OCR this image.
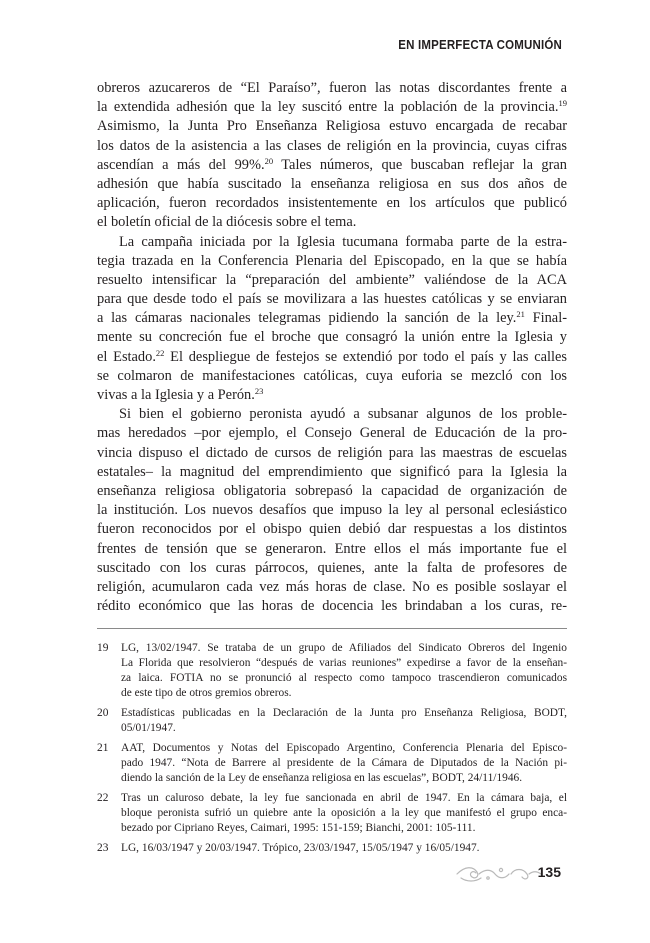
EN IMPERFECTA COMUNIÓN
obreros azucareros de “El Paraíso”, fueron las notas discordantes frente a
la extendida adhesión que la ley suscitó entre la población de la provincia.$^{19}$
Asimismo, la Junta Pro Enseñanza Religiosa estuvo encargada de recabar
los datos de la asistencia a las clases de religión en la provincia, cuyas cifras
ascendían a más del 99%.$^{20}$ Tales números, que buscaban reflejar la gran
adhesión que había suscitado la enseñanza religiosa en sus dos años de
aplicación, fueron recordados insistentemente en los artículos que publicó
el boletín oficial de la diócesis sobre el tema.
La campaña iniciada por la Iglesia tucumana formaba parte de la estra-
tegia trazada en la Conferencia Plenaria del Episcopado, en la que se había
resuelto intensificar la “preparación del ambiente” valiéndose de la ACA
para que desde todo el país se movilizara a las huestes católicas y se enviaran
a las cámaras nacionales telegramas pidiendo la sanción de la ley.$^{21}$ Final-
mente su concreción fue el broche que consagró la unión entre la Iglesia y
el Estado.$^{22}$ El despliegue de festejos se extendió por todo el país y las calles
se colmaron de manifestaciones católicas, cuya euforia se mezcló con los
vivas a la Iglesia y a Perón.$^{23}$
Si bien el gobierno peronista ayudó a subsanar algunos de los proble-
mas heredados –por ejemplo, el Consejo General de Educación de la pro-
vincia dispuso el dictado de cursos de religión para las maestras de escuelas
estatales– la magnitud del emprendimiento que significó para la Iglesia la
enseñanza religiosa obligatoria sobrepasó la capacidad de organización de
la institución. Los nuevos desafíos que impuso la ley al personal eclesiástico
fueron reconocidos por el obispo quien debió dar respuestas a los distintos
frentes de tensión que se generaron. Entre ellos el más importante fue el
suscitado con los curas párrocos, quienes, ante la falta de profesores de
religión, acumularon cada vez más horas de clase. No es posible soslayar el
rédito económico que las horas de docencia les brindaban a los curas, re-
19	LG, 13/02/1947. Se trataba de un grupo de Afiliados del Sindicato Obreros del Ingenio
La Florida que resolvieron “después de varias reuniones” expedirse a favor de la enseñan-
za laica. FOTIA no se pronunció al respecto como tampoco trascendieron comunicados
de este tipo de otros gremios obreros.
20	Estadísticas publicadas en la Declaración de la Junta pro Enseñanza Religiosa, BODT,
05/01/1947.
21	AAT, Documentos y Notas del Episcopado Argentino, Conferencia Plenaria del Episco-
pado 1947. “Nota de Barrere al presidente de la Cámara de Diputados de la Nación pi-
diendo la sanción de la Ley de enseñanza religiosa en las escuelas”, BODT, 24/11/1946.
22	Tras un caluroso debate, la ley fue sancionada en abril de 1947. En la cámara baja, el
bloque peronista sufrió un quiebre ante la oposición a la ley que manifestó el grupo enca-
bezado por Cipriano Reyes, Caimari, 1995: 151-159; Bianchi, 2001: 105-111.
23	LG, 16/03/1947 y 20/03/1947. Trópico, 23/03/1947, 15/05/1947 y 16/05/1947.
135
